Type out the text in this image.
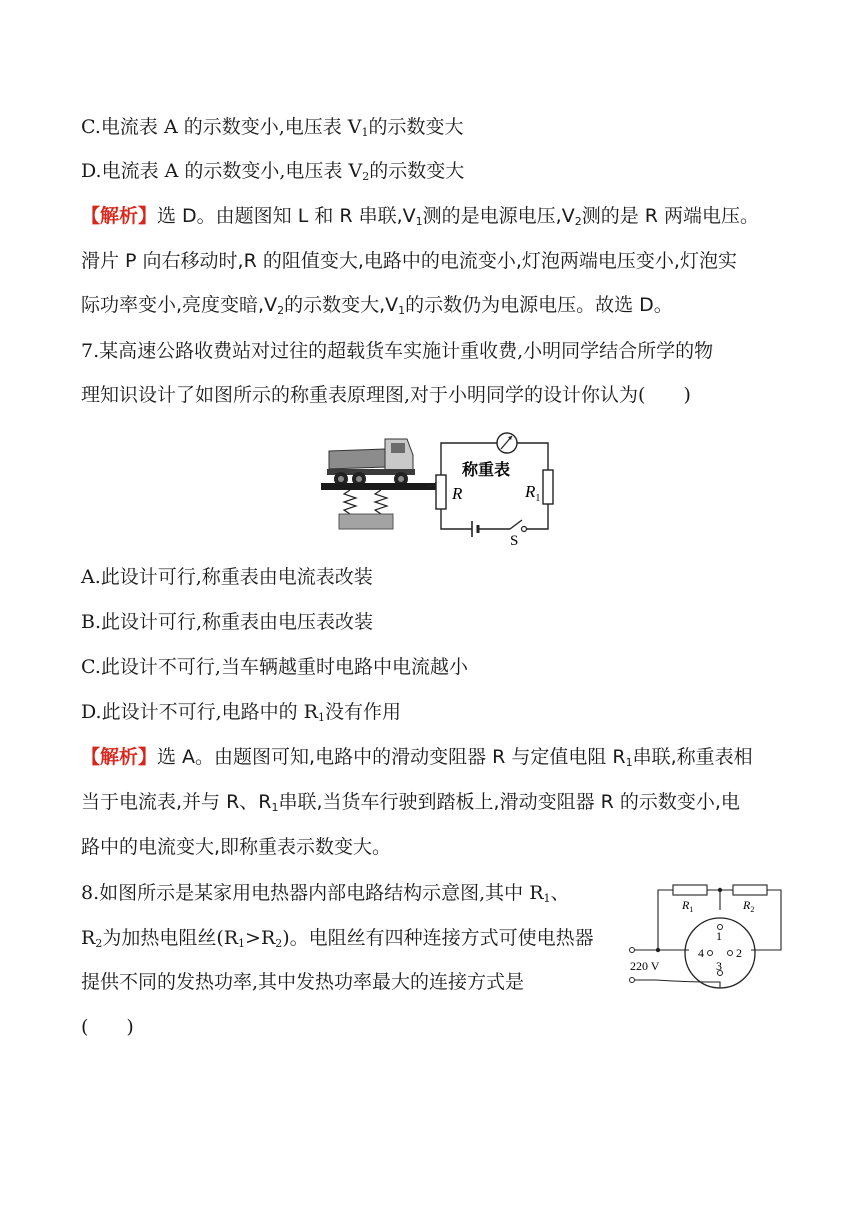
C.电流表 A 的示数变小,电压表 $V_1$的示数变大
D.电流表 A 的示数变小,电压表 $V_2$的示数变大
【解析】选 D。由题图知 L 和 R 串联$,V_1$测的是电源电压$,V_2$测的是 R 两端电压。
滑片 P 向右移动时,R 的阻值变大,电路中的电流变小,灯泡两端电压变小,灯泡实
际功率变小,亮度变暗$,V_2$的示数变大$,V_1$的示数仍为电源电压。故选 D。
7.某高速公路收费站对过往的超载货车实施计重收费,小明同学结合所学的物
理知识设计了如图所示的称重表原理图,对于小明同学的设计你认为(　　)
称重表
R	$R_1$
S
A.此设计可行,称重表由电流表改装
B.此设计可行,称重表由电压表改装
C.此设计不可行,当车辆越重时电路中电流越小
D.此设计不可行,电路中的 $R_1$没有作用
【解析】选 A。由题图可知,电路中的滑动变阻器 R 与定值电阻 $R_1$串联,称重表相
当于电流表,并与 R、$R_1$串联,当货车行驶到踏板上,滑动变阻器 R 的示数变小,电
路中的电流变大,即称重表示数变大。
8.如图所示是某家用电热器内部电路结构示意图,其中 $R_1$、
$R_2$为加热电阻丝$(R_1>R_2)$。电阻丝有四种连接方式可使电热器
提供不同的发热功率,其中发热功率最大的连接方式是
(　　)
$R_1$	$R_2$
1
2
3
4
220 V
